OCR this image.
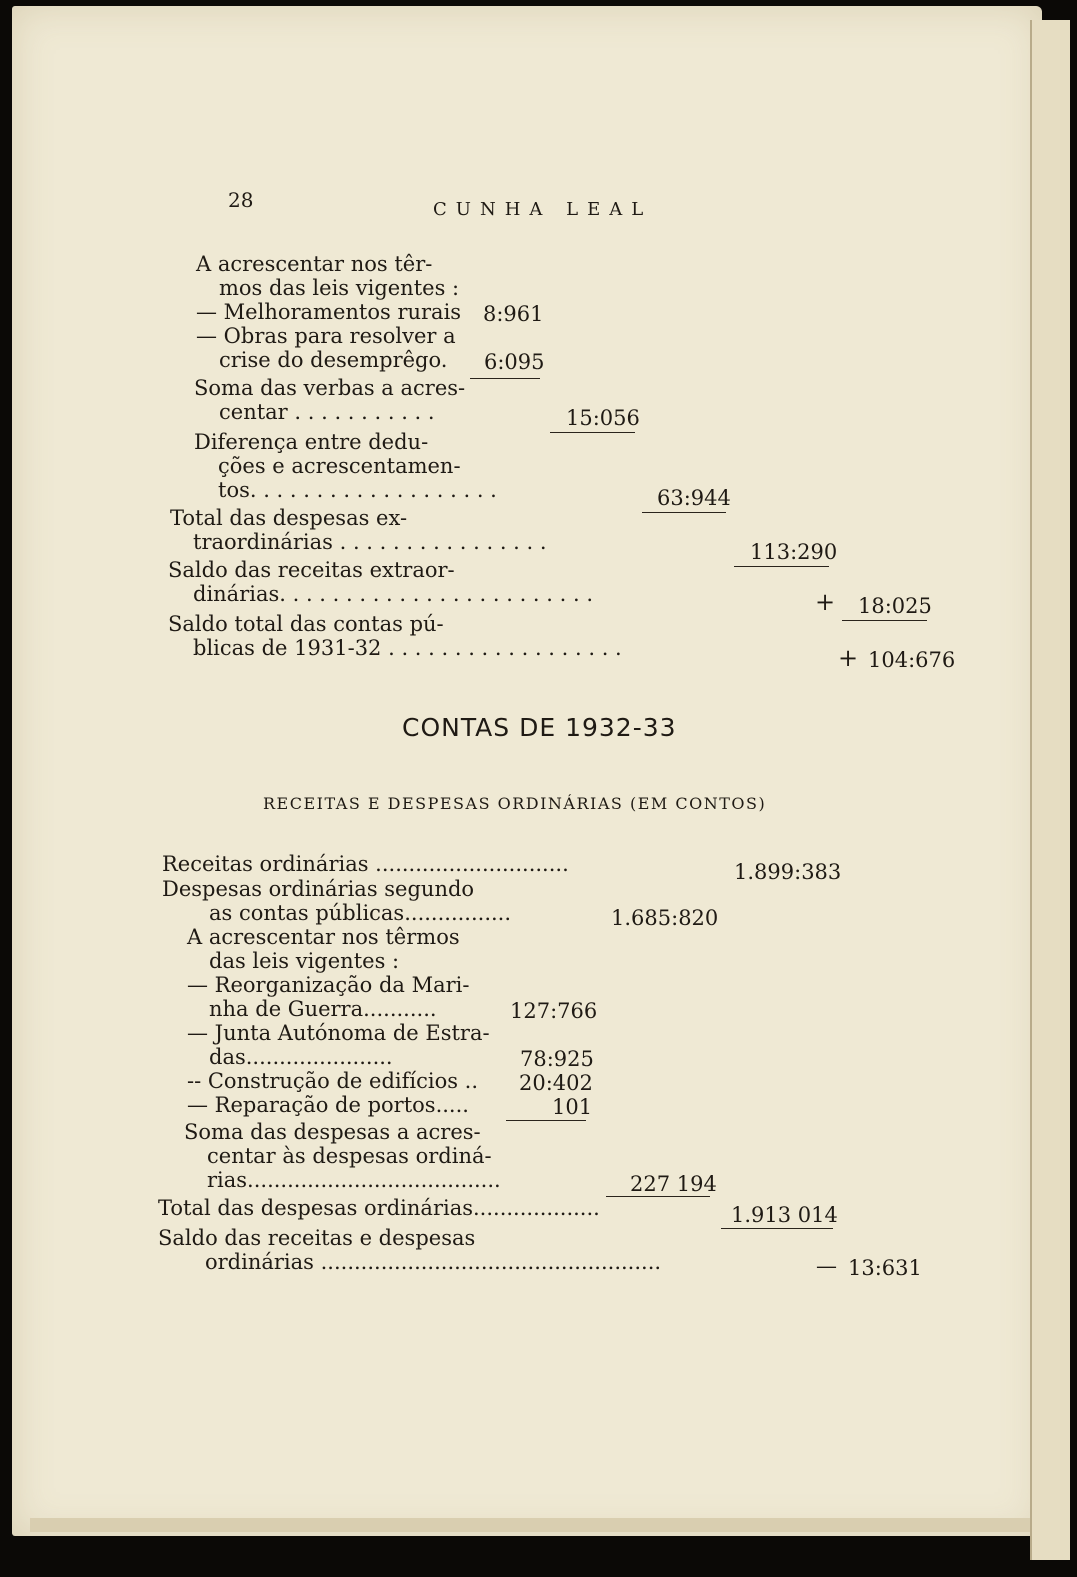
28	CUNHA LEAL
A acrescentar nos têr-
mos das leis vigentes :
— Melhoramentos rurais
— Obras para resolver a
crise do desemprêgo.
Soma das verbas a acres-
centar . . . . . . . . . . .
Diferença entre dedu-
ções e acrescentamen-
tos. . . . . . . . . . . . . . . . . . .
Total das despesas ex-
traordinárias . . . . . . . . . . . . . . . .
Saldo das receitas extraor-
dinárias. . . . . . . . . . . . . . . . . . . . . . . .
Saldo total das contas pú-
blicas de 1931-32 . . . . . . . . . . . . . . . . . .
8:961
6:095
15:056
63:944
113:290
+ 18:025
+ 104:676
CONTAS DE 1932-33
RECEITAS E DESPESAS ORDINÁRIAS (EM CONTOS)
Receitas ordinárias .............................
Despesas ordinárias segundo
as contas públicas................
A acrescentar nos têrmos
das leis vigentes :
— Reorganização da Mari-
nha de Guerra...........
— Junta Autónoma de Estra-
das......................
-- Construção de edifícios ..
— Reparação de portos.....
Soma das despesas a acres-
centar às despesas ordiná-
rias......................................
Total das despesas ordinárias...................
Saldo das receitas e despesas
ordinárias ...................................................
1.899:383
1.685:820
127:766
78:925
20:402
101
227 194
1.913 014
— 13:631
